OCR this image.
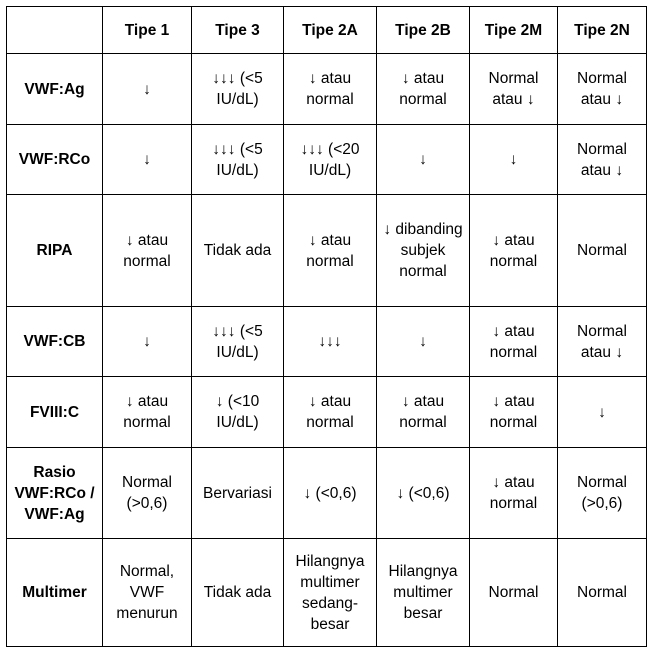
	Tipe 1	Tipe 3	Tipe 2A	Tipe 2B	Tipe 2M	Tipe 2N
VWF:Ag	↓	↓↓↓ (<5 IU/dL)	↓ atau normal	↓ atau normal	Normal atau ↓	Normal atau ↓
VWF:RCo	↓	↓↓↓ (<5 IU/dL)	↓↓↓ (<20 IU/dL)	↓	↓	Normal atau ↓
RIPA	↓ atau normal	Tidak ada	↓ atau normal	↓ dibanding subjek normal	↓ atau normal	Normal
VWF:CB	↓	↓↓↓ (<5 IU/dL)	↓↓↓	↓	↓ atau normal	Normal atau ↓
FVIII:C	↓ atau normal	↓ (<10 IU/dL)	↓ atau normal	↓ atau normal	↓ atau normal	↓
Rasio VWF:RCo / VWF:Ag	Normal (>0,6)	Bervariasi	↓ (<0,6)	↓ (<0,6)	↓ atau normal	Normal (>0,6)
Multimer	Normal, VWF menurun	Tidak ada	Hilangnya multimer sedang-besar	Hilangnya multimer besar	Normal	Normal
